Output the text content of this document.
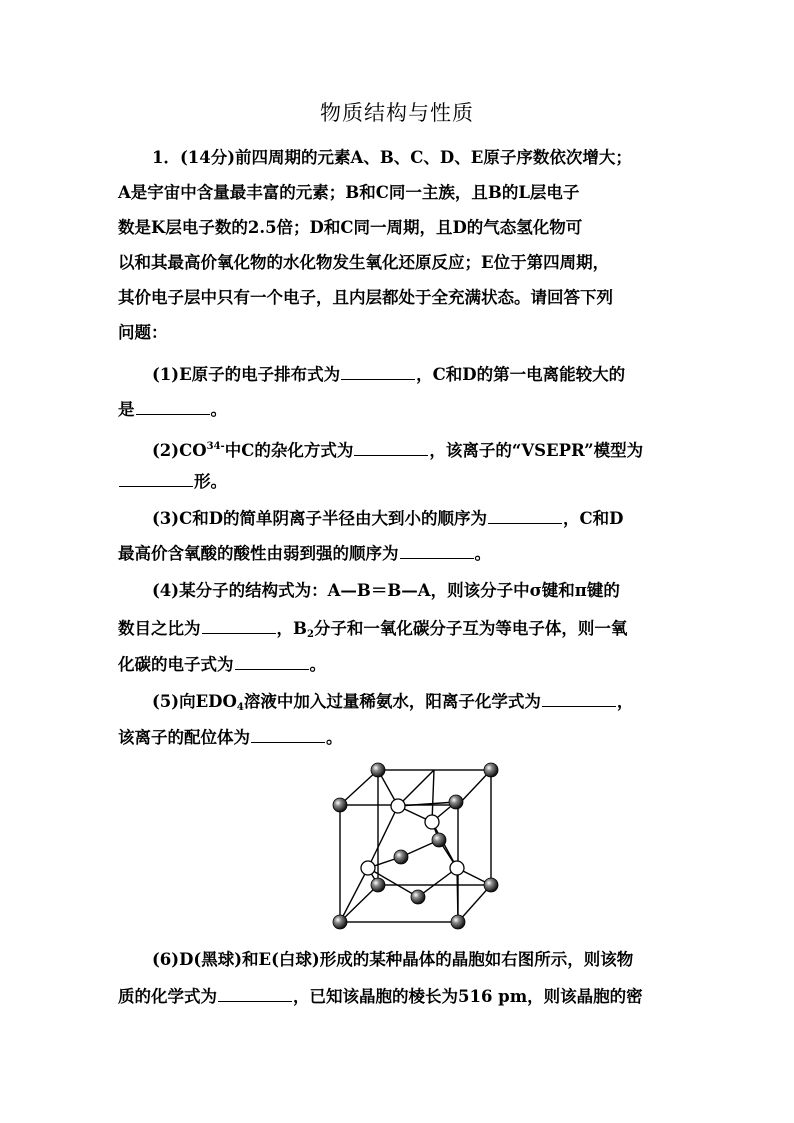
物质结构与性质
1．(14分)前四周期的元素A、B、C、D、E原子序数依次增大；
A是宇宙中含量最丰富的元素；B和C同一主族，且B的L层电子
数是K层电子数的2.5倍；D和C同一周期，且D的气态氢化物可
以和其最高价氧化物的水化物发生氧化还原反应；E位于第四周期，
其价电子层中只有一个电子，且内层都处于全充满状态。请回答下列
问题：
(1)E原子的电子排布式为	，C和D的第一电离能较大的
是	。
$(2)CO^{34-}$中C的杂化方式为	，该离子的“VSEPR”模型为
形。
(3)C和D的简单阴离子半径由大到小的顺序为	，C和D
最高价含氧酸的酸性由弱到强的顺序为	。
(4)某分子的结构式为：A—B＝B—A，则该分子中σ键和π键的
数目之比为	，$B_2$分子和一氧化碳分子互为等电子体，则一氧
化碳的电子式为	。
(5)向$EDO_4$溶液中加入过量稀氨水，阳离子化学式为	，
该离子的配位体为	。
(6)D(黑球)和E(白球)形成的某种晶体的晶胞如右图所示，则该物
质的化学式为	，已知该晶胞的棱长为516 pm，则该晶胞的密
